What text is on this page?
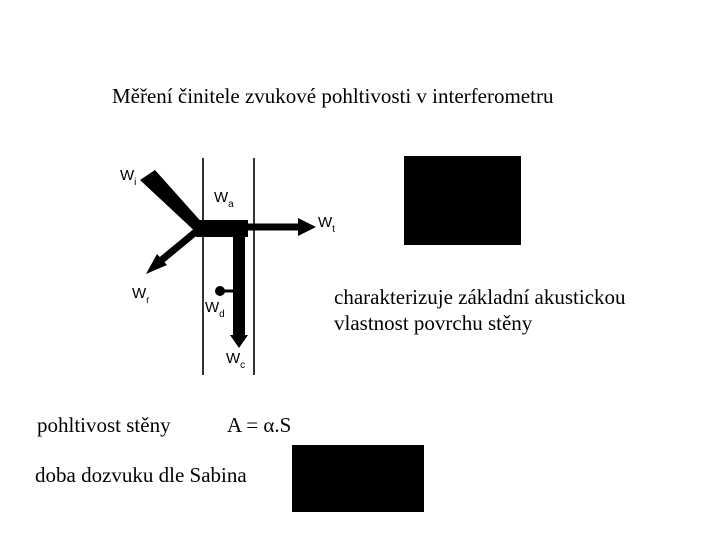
Měření činitele zvukové pohltivosti v interferometru
$W_i$
$W_a$
$W_t$
$W_r$	$W_d$
$W_c$
charakterizuje základní akustickou
vlastnost povrchu stěny
pohltivost stěny	A = α.S
doba dozvuku dle Sabina
